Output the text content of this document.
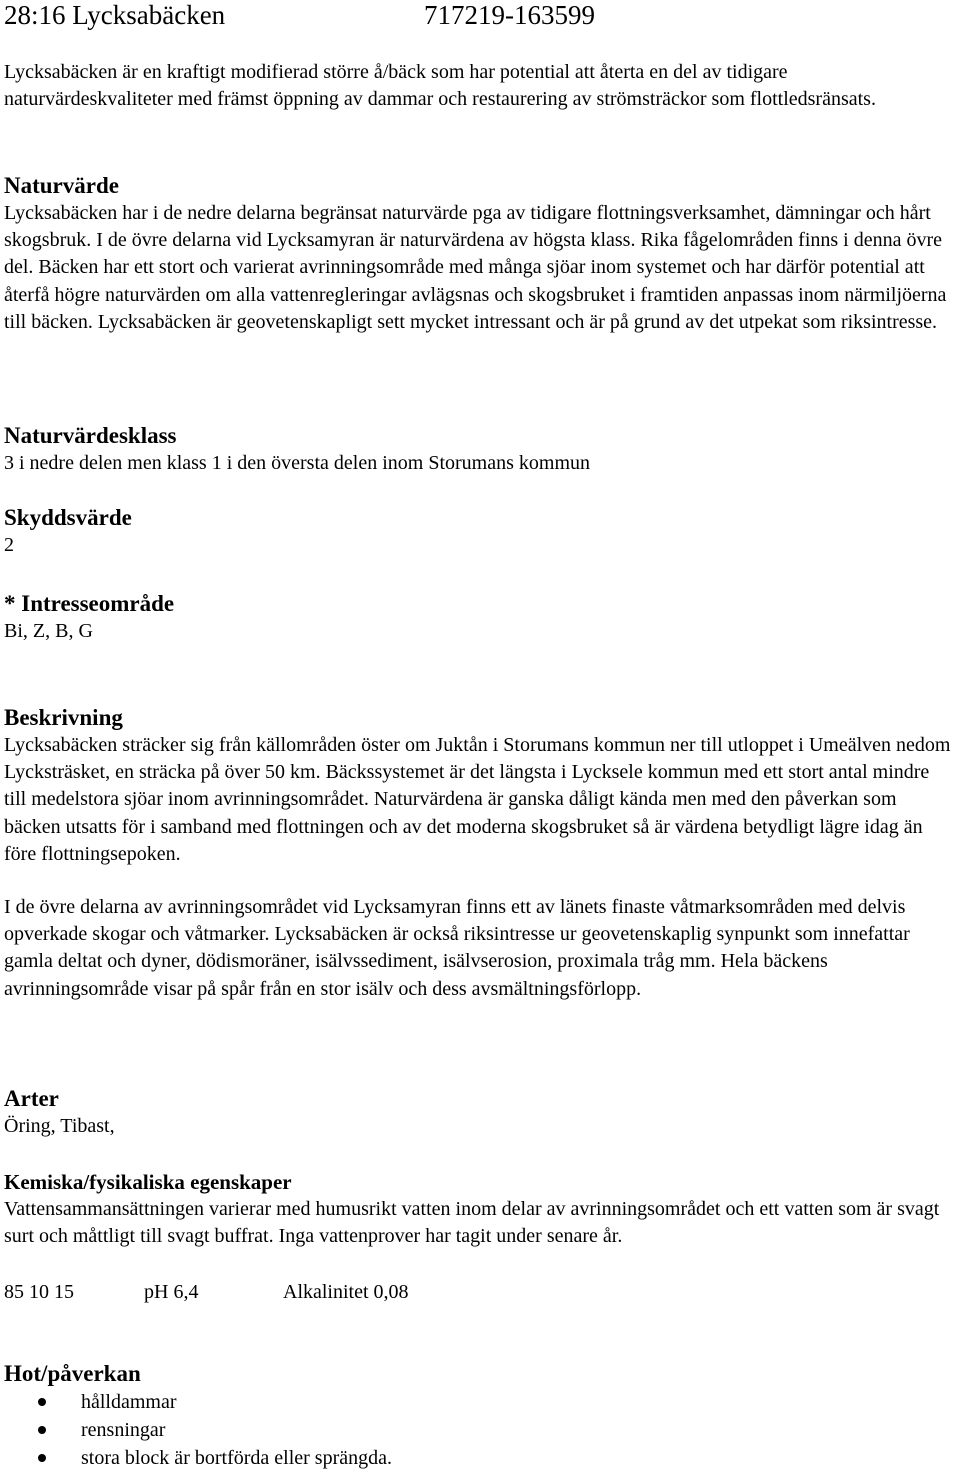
28:16 Lycksabäcken	717219-163599

Lycksabäcken är en kraftigt modifierad större å/bäck som har potential att återta en del av tidigare naturvärdeskvaliteter med främst öppning av dammar och restaurering av strömsträckor som flottledsränsats.

Naturvärde

Lycksabäcken har i de nedre delarna begränsat naturvärde pga av tidigare flottningsverksamhet, dämningar och hårt skogsbruk. I de övre delarna vid Lycksamyran är naturvärdena av högsta klass. Rika fågelområden finns i denna övre del. Bäcken har ett stort och varierat avrinningsområde med många sjöar inom systemet och har därför potential att återfå högre naturvärden om alla vattenregleringar avlägsnas och skogsbruket i framtiden anpassas inom närmiljöerna till bäcken. Lycksabäcken är geovetenskapligt sett mycket intressant och är på grund av det utpekat som riksintresse.

Naturvärdesklass

3 i nedre delen men klass 1 i den översta delen inom Storumans kommun

Skyddsvärde

2

* Intresseområde

Bi, Z, B, G

Beskrivning

Lycksabäcken sträcker sig från källområden öster om Juktån i Storumans kommun ner till utloppet i Umeälven nedom Lycksträsket, en sträcka på över 50 km. Bäckssystemet är det längsta i Lycksele kommun med ett stort antal mindre till medelstora sjöar inom avrinningsområdet. Naturvärdena är ganska dåligt kända men med den påverkan som bäcken utsatts för i samband med flottningen och av det moderna skogsbruket så är värdena betydligt lägre idag än före flottningsepoken.

I de övre delarna av avrinningsområdet vid Lycksamyran finns ett av länets finaste våtmarksområden med delvis opverkade skogar och våtmarker. Lycksabäcken är också riksintresse ur geovetenskaplig synpunkt som innefattar gamla deltat och dyner, dödismoräner, isälvssediment, isälvserosion, proximala tråg mm. Hela bäckens avrinningsområde visar på spår från en stor isälv och dess avsmältningsförlopp.

Arter

Öring, Tibast,

Kemiska/fysikaliska egenskaper

Vattensammansättningen varierar med humusrikt vatten inom delar av avrinningsområdet och ett vatten som är svagt surt och måttligt till svagt buffrat. Inga vattenprover har tagit under senare år.

85 10 15	pH 6,4	Alkalinitet 0,08
Hot/påverkan
hålldammar
rensningar
stora block är bortförda eller sprängda.
